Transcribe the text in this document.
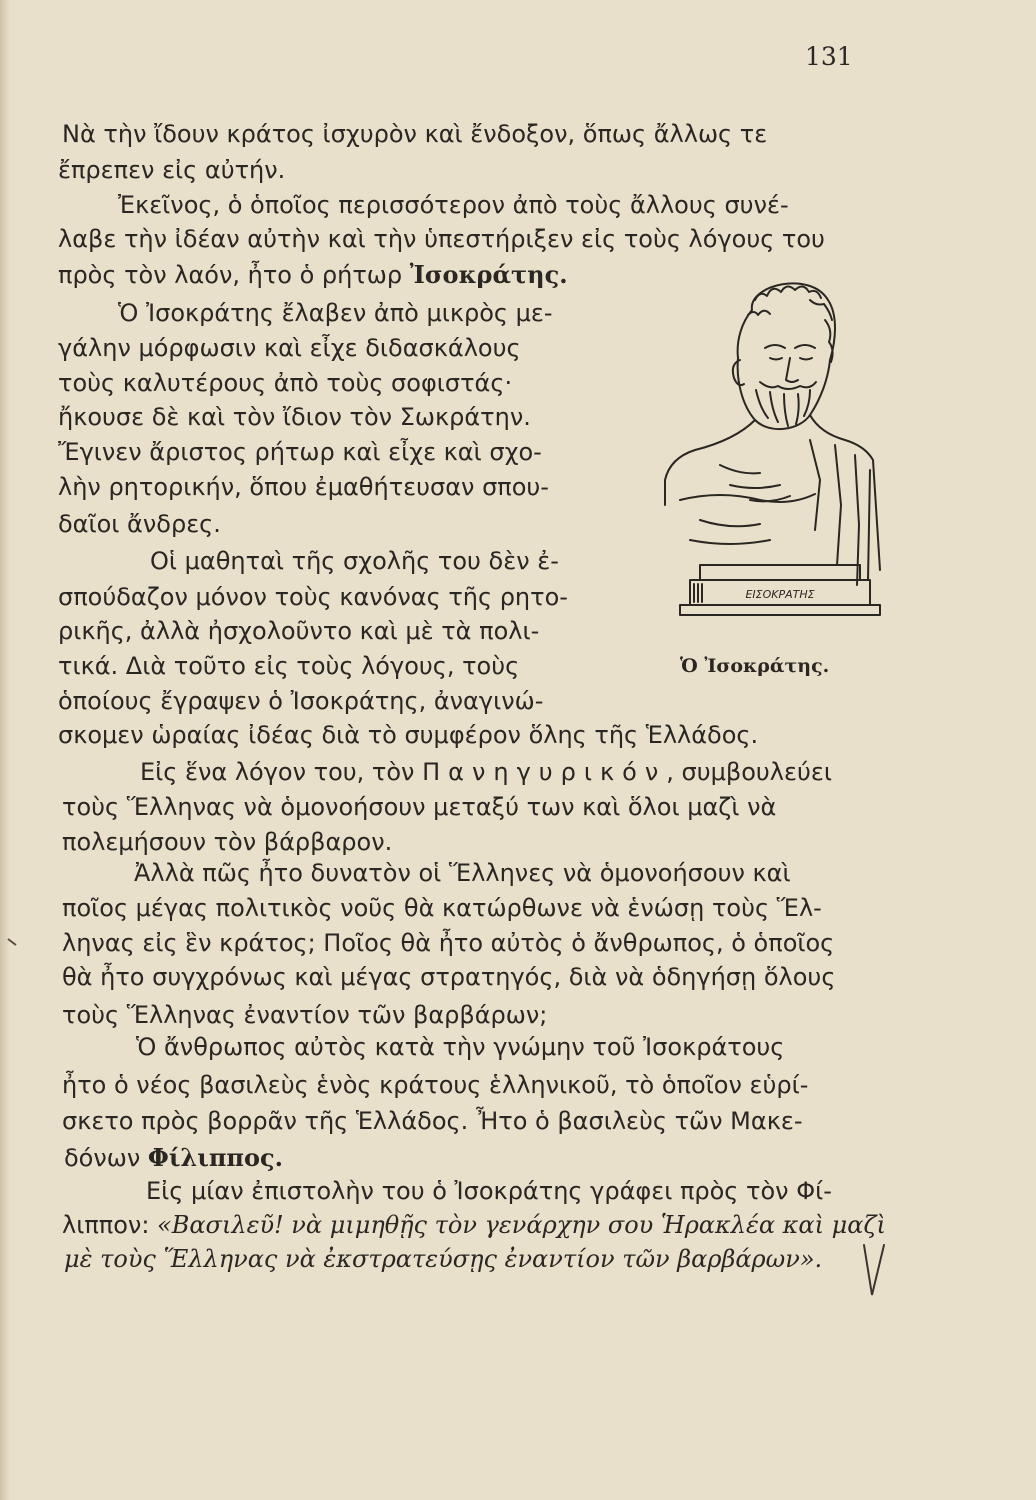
131
Νὰ τὴν ἴδουν κράτος ἰσχυρὸν καὶ ἔνδοξον, ὅπως ἄλλως τε
ἔπρεπεν εἰς αὐτήν.
Ἐκεῖνος, ὁ ὁποῖος περισσότερον ἀπὸ τοὺς ἄλλους συνέ-
λαβε τὴν ἰδέαν αὐτὴν καὶ τὴν ὑπεστήριξεν εἰς τοὺς λόγους του
πρὸς τὸν λαόν, ἦτο ὁ ρήτωρ Ἰσοκράτης.
Ὁ Ἰσοκράτης ἔλαβεν ἀπὸ μικρὸς με-
γάλην μόρφωσιν καὶ εἶχε διδασκάλους
τοὺς καλυτέρους ἀπὸ τοὺς σοφιστάς·
ἤκουσε δὲ καὶ τὸν ἴδιον τὸν Σωκράτην.
Ἔγινεν ἄριστος ρήτωρ καὶ εἶχε καὶ σχο-
λὴν ρητορικήν, ὅπου ἐμαθήτευσαν σπου-
δαῖοι ἄνδρες.
Οἱ μαθηταὶ τῆς σχολῆς του δὲν ἐ-
σπούδαζον μόνον τοὺς κανόνας τῆς ρητο-
ρικῆς, ἀλλὰ ἠσχολοῦντο καὶ μὲ τὰ πολι-
τικά. Διὰ τοῦτο εἰς τοὺς λόγους, τοὺς
ὁποίους ἔγραψεν ὁ Ἰσοκράτης, ἀναγινώ-
σκομεν ὡραίας ἰδέας διὰ τὸ συμφέρον ὅλης τῆς Ἑλλάδος.
Εἰς ἕνα λόγον του, τὸν Πανηγυρικόν, συμβουλεύει
τοὺς Ἕλληνας νὰ ὁμονοήσουν μεταξύ των καὶ ὅλοι μαζὶ νὰ
πολεμήσουν τὸν βάρβαρον.
Ἀλλὰ πῶς ἦτο δυνατὸν οἱ Ἕλληνες νὰ ὁμονοήσουν καὶ
ποῖος μέγας πολιτικὸς νοῦς θὰ κατώρθωνε νὰ ἑνώσῃ τοὺς Ἕλ-
ληνας εἰς ἓν κράτος; Ποῖος θὰ ἦτο αὐτὸς ὁ ἄνθρωπος, ὁ ὁποῖος
θὰ ἦτο συγχρόνως καὶ μέγας στρατηγός, διὰ νὰ ὁδηγήσῃ ὅλους
τοὺς Ἕλληνας ἐναντίον τῶν βαρβάρων;
Ὁ ἄνθρωπος αὐτὸς κατὰ τὴν γνώμην τοῦ Ἰσοκράτους
ἦτο ὁ νέος βασιλεὺς ἑνὸς κράτους ἑλληνικοῦ, τὸ ὁποῖον εὑρί-
σκετο πρὸς βορρᾶν τῆς Ἑλλάδος. Ἦτο ὁ βασιλεὺς τῶν Μακε-
δόνων Φίλιππος.
Εἰς μίαν ἐπιστολὴν του ὁ Ἰσοκράτης γράφει πρὸς τὸν Φί-
λιππον: «Βασιλεῦ! νὰ μιμηθῇς τὸν γενάρχην σου Ἡρακλέα καὶ μαζὶ
μὲ τοὺς Ἕλληνας νὰ ἐκστρατεύσῃς ἐναντίον τῶν βαρβάρων».
ΕΙΣΟΚΡΑΤΗΣ
Ὁ Ἰσοκράτης.
